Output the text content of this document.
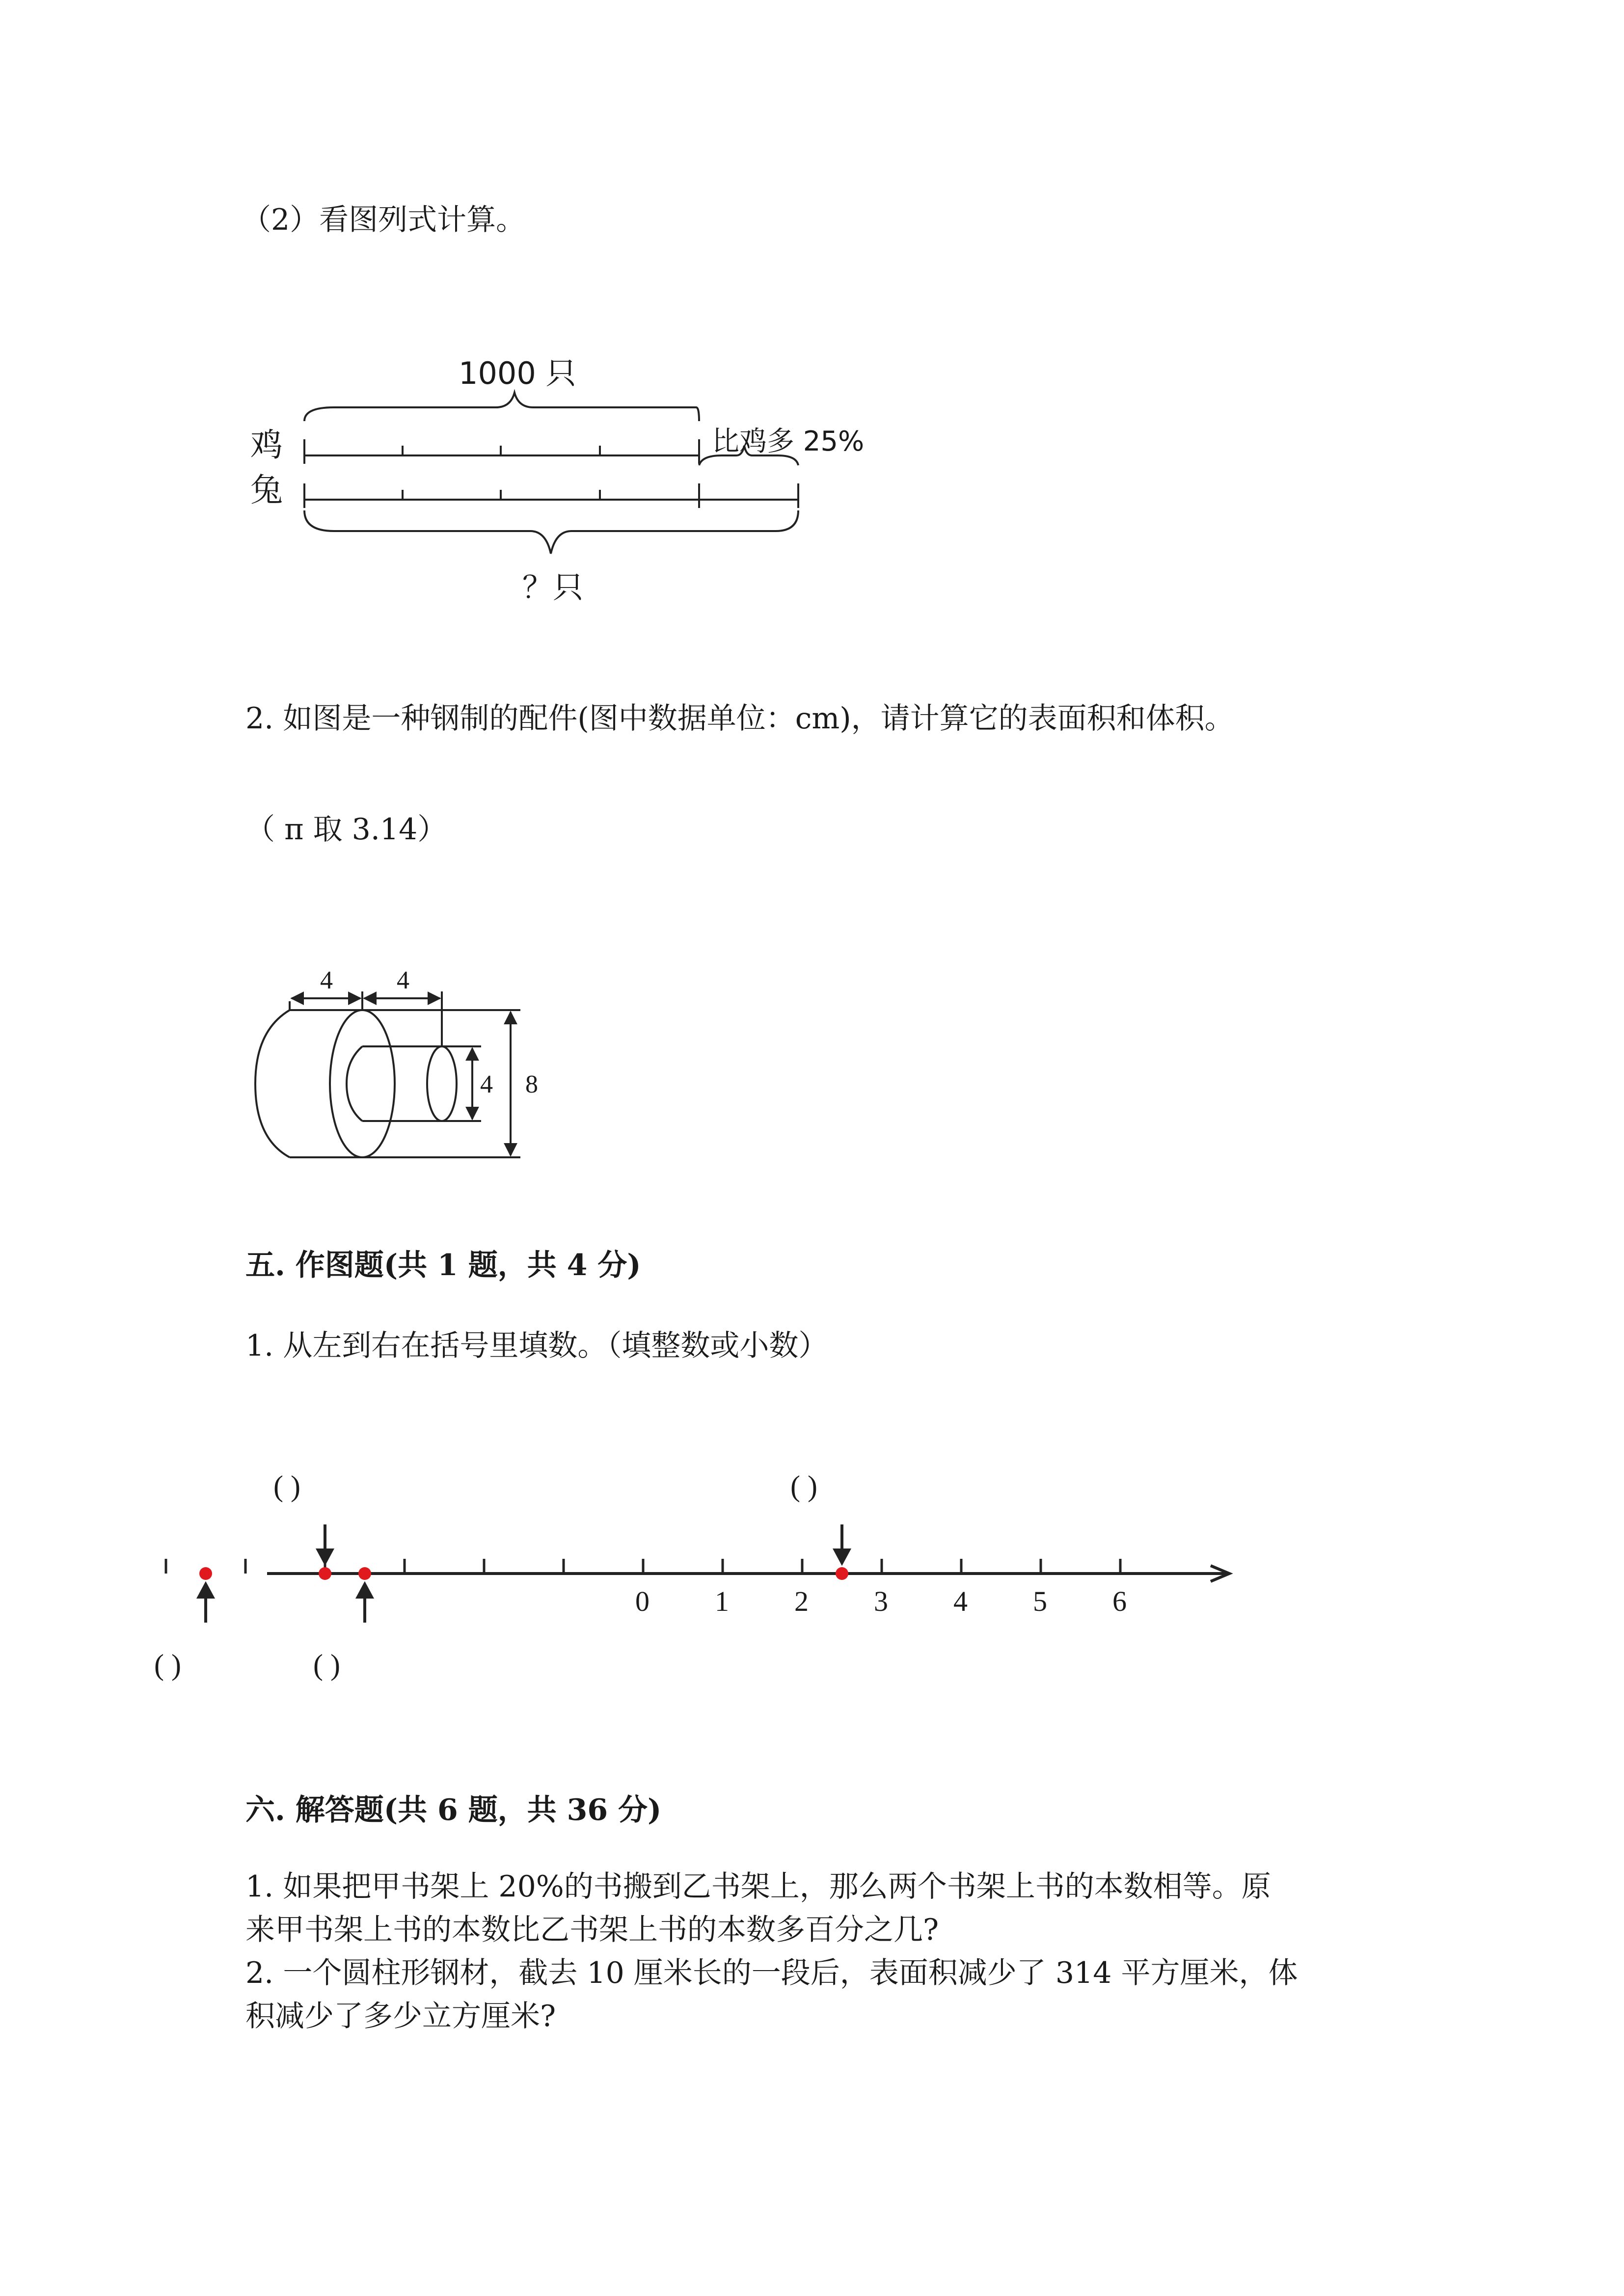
（2）看图列式计算。
1000 只
鸡
兔
比鸡多 25%
？只
2. 如图是一种钢制的配件(图中数据单位：cm)，请计算它的表面积和体积。
（ π 取 3.14）
4	4
4 8
五. 作图题(共 1 题，共 4 分)
1. 从左到右在括号里填数。（填整数或小数）
0 1 2 3 4 5 6
( )
( )
( )
( )
六. 解答题(共 6 题，共 36 分)
1. 如果把甲书架上 20%的书搬到乙书架上，那么两个书架上书的本数相等。原
来甲书架上书的本数比乙书架上书的本数多百分之几?
2. 一个圆柱形钢材，截去 10 厘米长的一段后，表面积减少了 314 平方厘米，体
积减少了多少立方厘米?
